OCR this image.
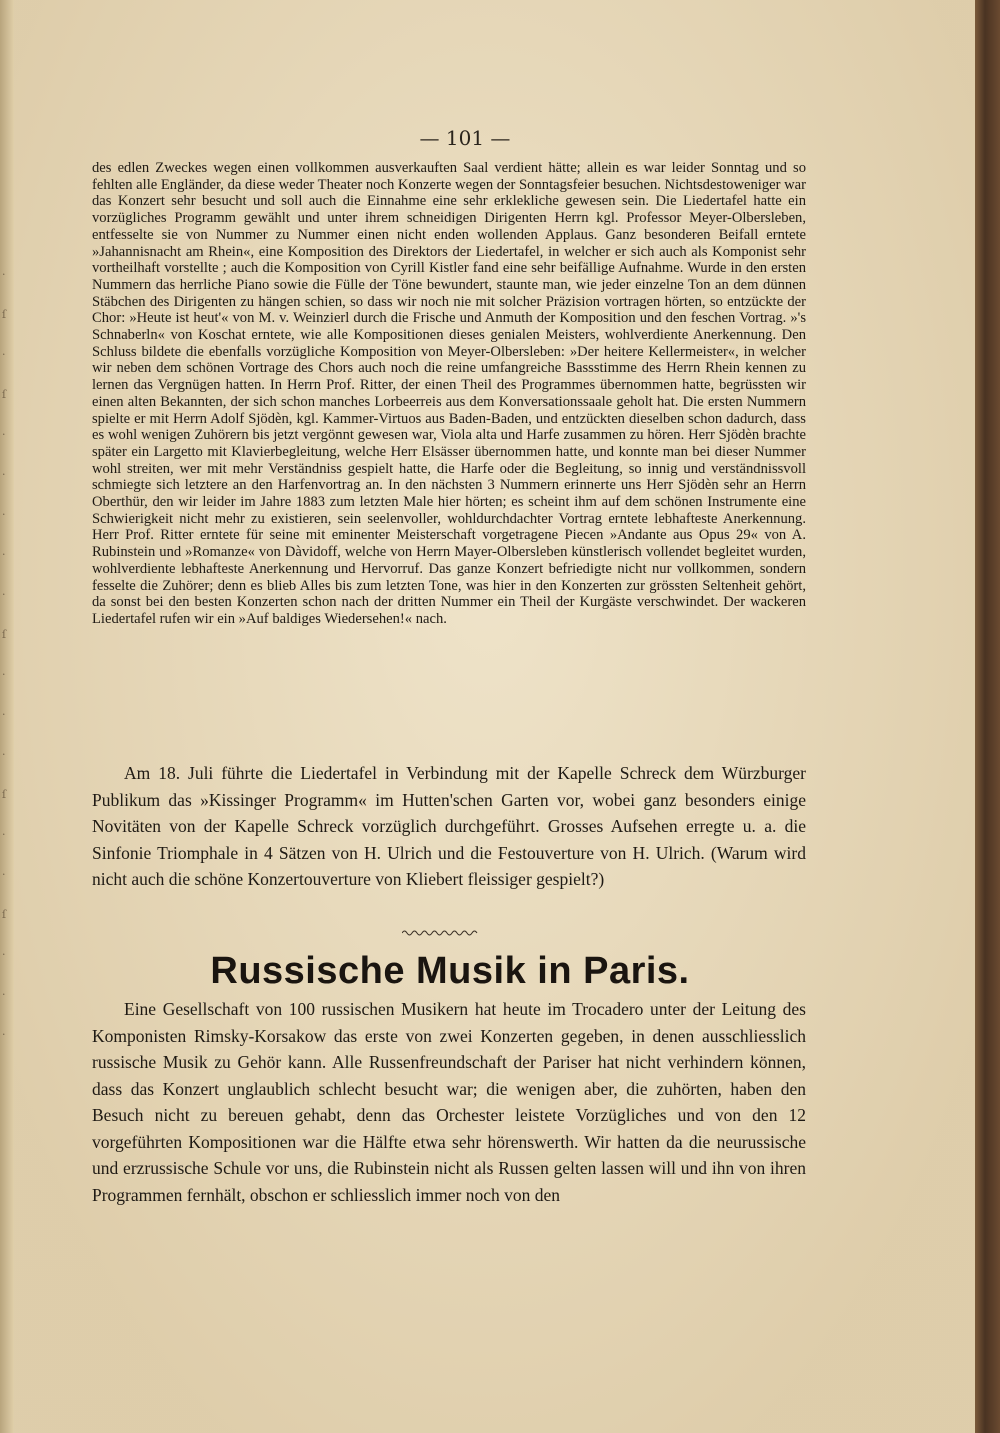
·
ſ
·
ſ
·
·
·
·
·
ſ
·
·
·
ſ
·
·
ſ
·
·
·
— 101 —

des edlen Zweckes wegen einen vollkommen ausverkauften Saal verdient hätte; allein es war leider Sonntag und so fehlten alle Engländer, da diese weder Theater noch Konzerte wegen der Sonntagsfeier besuchen. Nichtsdestoweniger war das Konzert sehr besucht und soll auch die Einnahme eine sehr erklekliche gewesen sein. Die Liedertafel hatte ein vorzügliches Programm gewählt und unter ihrem schneidigen Dirigenten Herrn kgl. Professor Meyer-Olbersleben, entfesselte sie von Nummer zu Nummer einen nicht enden wollenden Applaus. Ganz besonderen Beifall erntete »Jahannisnacht am Rhein«, eine Komposition des Direktors der Liedertafel, in welcher er sich auch als Komponist sehr vortheilhaft vorstellte ; auch die Komposition von Cyrill Kistler fand eine sehr beifällige Aufnahme. Wurde in den ersten Nummern das herrliche Piano sowie die Fülle der Töne bewundert, staunte man, wie jeder einzelne Ton an dem dünnen Stäbchen des Dirigenten zu hängen schien, so dass wir noch nie mit solcher Präzision vortragen hörten, so entzückte der Chor: »Heute ist heut'« von M. v. Weinzierl durch die Frische und Anmuth der Komposition und den feschen Vortrag. »'s Schnaberln« von Koschat erntete, wie alle Kompositionen dieses genialen Meisters, wohlverdiente Anerkennung. Den Schluss bildete die ebenfalls vorzügliche Komposition von Meyer-Olbersleben: »Der heitere Kellermeister«, in welcher wir neben dem schönen Vortrage des Chors auch noch die reine umfangreiche Bassstimme des Herrn Rhein kennen zu lernen das Vergnügen hatten. In Herrn Prof. Ritter, der einen Theil des Programmes übernommen hatte, begrüssten wir einen alten Bekannten, der sich schon manches Lorbeerreis aus dem Konversationssaale geholt hat. Die ersten Nummern spielte er mit Herrn Adolf Sjödèn, kgl. Kammer-Virtuos aus Baden-Baden, und entzückten dieselben schon dadurch, dass es wohl wenigen Zuhörern bis jetzt vergönnt gewesen war, Viola alta und Harfe zusammen zu hören. Herr Sjödèn brachte später ein Largetto mit Klavierbegleitung, welche Herr Elsässer übernommen hatte, und konnte man bei dieser Nummer wohl streiten, wer mit mehr Verständniss gespielt hatte, die Harfe oder die Begleitung, so innig und verständnissvoll schmiegte sich letztere an den Harfenvortrag an. In den nächsten 3 Nummern erinnerte uns Herr Sjödèn sehr an Herrn Oberthür, den wir leider im Jahre 1883 zum letzten Male hier hörten; es scheint ihm auf dem schönen Instrumente eine Schwierigkeit nicht mehr zu existieren, sein seelenvoller, wohldurchdachter Vortrag erntete lebhafteste Anerkennung. Herr Prof. Ritter erntete für seine mit eminenter Meisterschaft vorgetragene Piecen »Andante aus Opus 29« von A. Rubinstein und »Romanze« von Dàvidoff, welche von Herrn Mayer-Olbersleben künstlerisch vollendet begleitet wurden, wohlverdiente lebhafteste Anerkennung und Hervorruf. Das ganze Konzert befriedigte nicht nur vollkommen, sondern fesselte die Zuhörer; denn es blieb Alles bis zum letzten Tone, was hier in den Konzerten zur grössten Seltenheit gehört, da sonst bei den besten Konzerten schon nach der dritten Nummer ein Theil der Kurgäste verschwindet. Der wackeren Liedertafel rufen wir ein »Auf baldiges Wiedersehen!« nach.

Am 18. Juli führte die Liedertafel in Verbindung mit der Kapelle Schreck dem Würzburger Publikum das »Kissinger Programm« im Hutten'schen Garten vor, wobei ganz besonders einige Novitäten von der Kapelle Schreck vorzüglich durchgeführt. Grosses Aufsehen erregte u. a. die Sinfonie Triomphale in 4 Sätzen von H. Ulrich und die Festouverture von H. Ulrich. (Warum wird nicht auch die schöne Konzertouverture von Kliebert fleissiger gespielt?)

Russische Musik in Paris.

Eine Gesellschaft von 100 russischen Musikern hat heute im Trocadero unter der Leitung des Komponisten Rimsky-Korsakow das erste von zwei Konzerten gegeben, in denen ausschliesslich russische Musik zu Gehör kann. Alle Russenfreundschaft der Pariser hat nicht verhindern können, dass das Konzert unglaublich schlecht besucht war; die wenigen aber, die zuhörten, haben den Besuch nicht zu bereuen gehabt, denn das Orchester leistete Vorzügliches und von den 12 vorgeführten Kompositionen war die Hälfte etwa sehr hörenswerth. Wir hatten da die neurussische und erzrussische Schule vor uns, die Rubinstein nicht als Russen gelten lassen will und ihn von ihren Programmen fernhält, obschon er schliesslich immer noch von den
